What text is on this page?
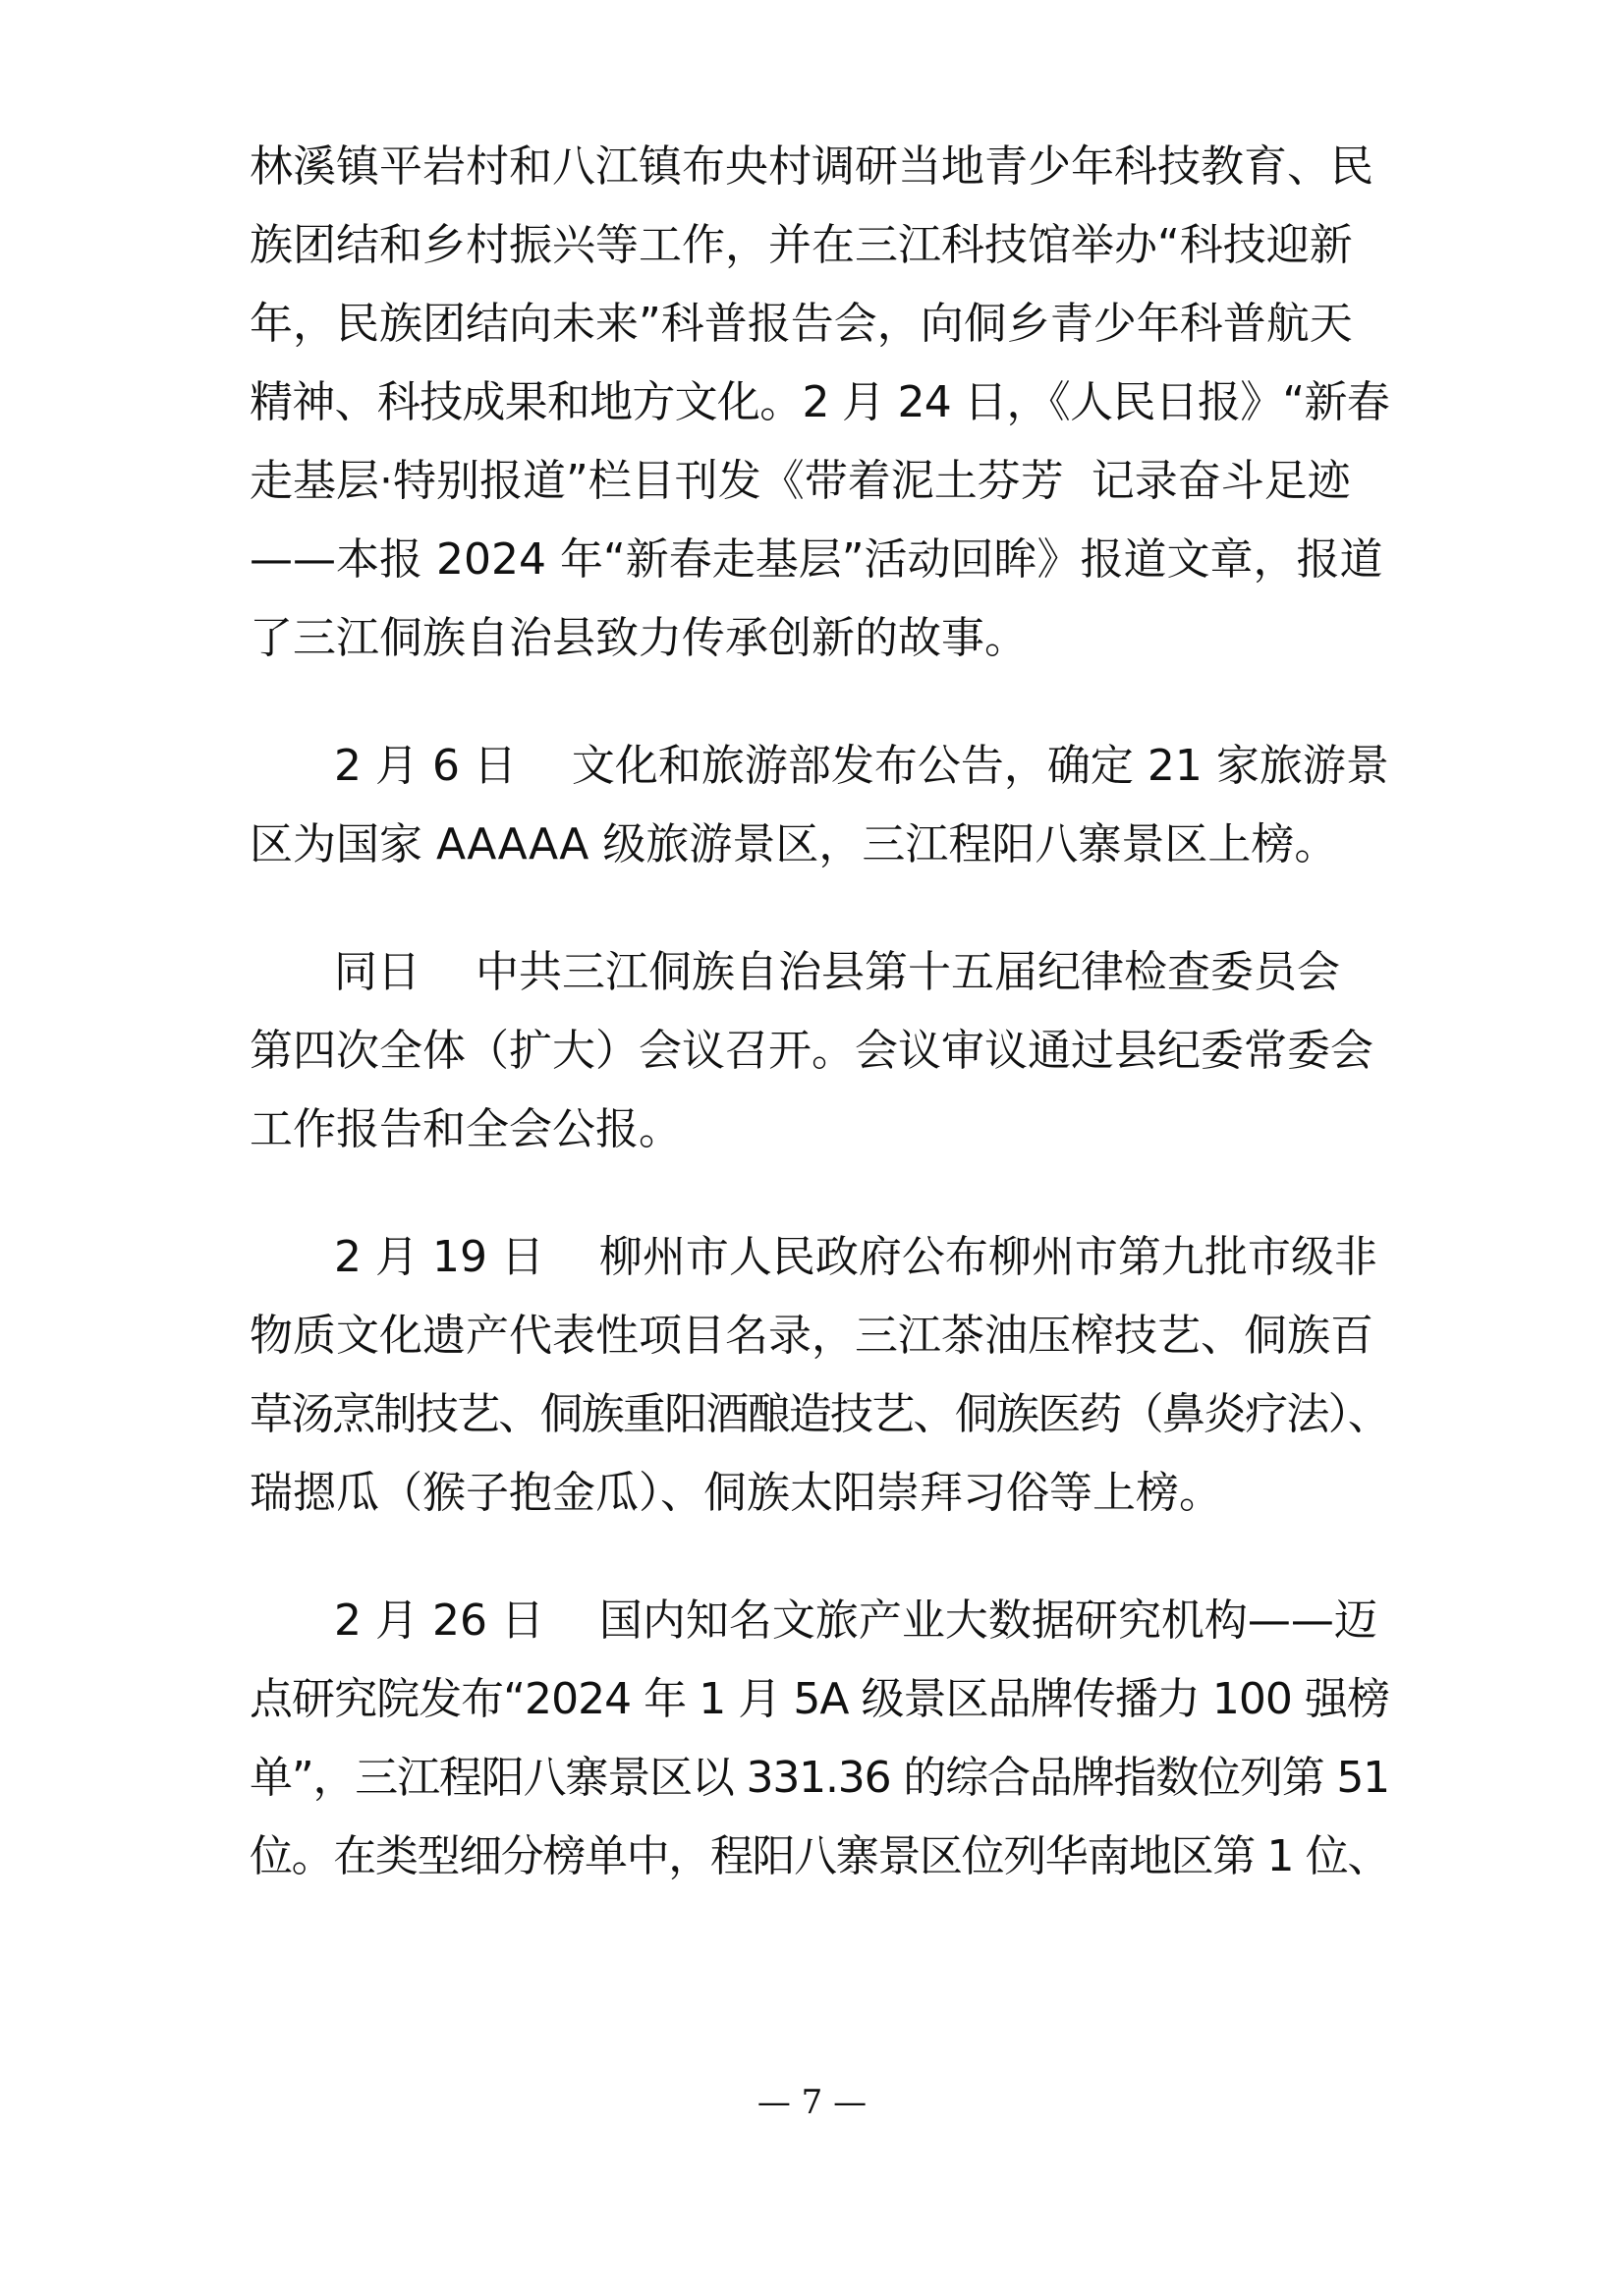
林溪镇平岩村和八江镇布央村调研当地青少年科技教育、民
族团结和乡村振兴等工作，并在三江科技馆举办“科技迎新
年，民族团结向未来”科普报告会，向侗乡青少年科普航天
精神、科技成果和地方文化。2 月 24 日，《人民日报》“新春
走基层·特别报道”栏目刊发《带着泥土芬芳  记录奋斗足迹
——本报 2024 年“新春走基层”活动回眸》报道文章，报道
了三江侗族自治县致力传承创新的故事。
2 月 6 日    文化和旅游部发布公告，确定 21 家旅游景
区为国家 AAAAA 级旅游景区，三江程阳八寨景区上榜。
同日    中共三江侗族自治县第十五届纪律检查委员会
第四次全体（扩大）会议召开。会议审议通过县纪委常委会
工作报告和全会公报。
2 月 19 日    柳州市人民政府公布柳州市第九批市级非
物质文化遗产代表性项目名录，三江茶油压榨技艺、侗族百
草汤烹制技艺、侗族重阳酒酿造技艺、侗族医药（鼻炎疗法）、
瑞摁瓜（猴子抱金瓜）、侗族太阳崇拜习俗等上榜。
2 月 26 日    国内知名文旅产业大数据研究机构——迈
点研究院发布“2024 年 1 月 5A 级景区品牌传播力 100 强榜
单”，三江程阳八寨景区以 331.36 的综合品牌指数位列第 51
位。在类型细分榜单中，程阳八寨景区位列华南地区第 1 位、
— 7 —
